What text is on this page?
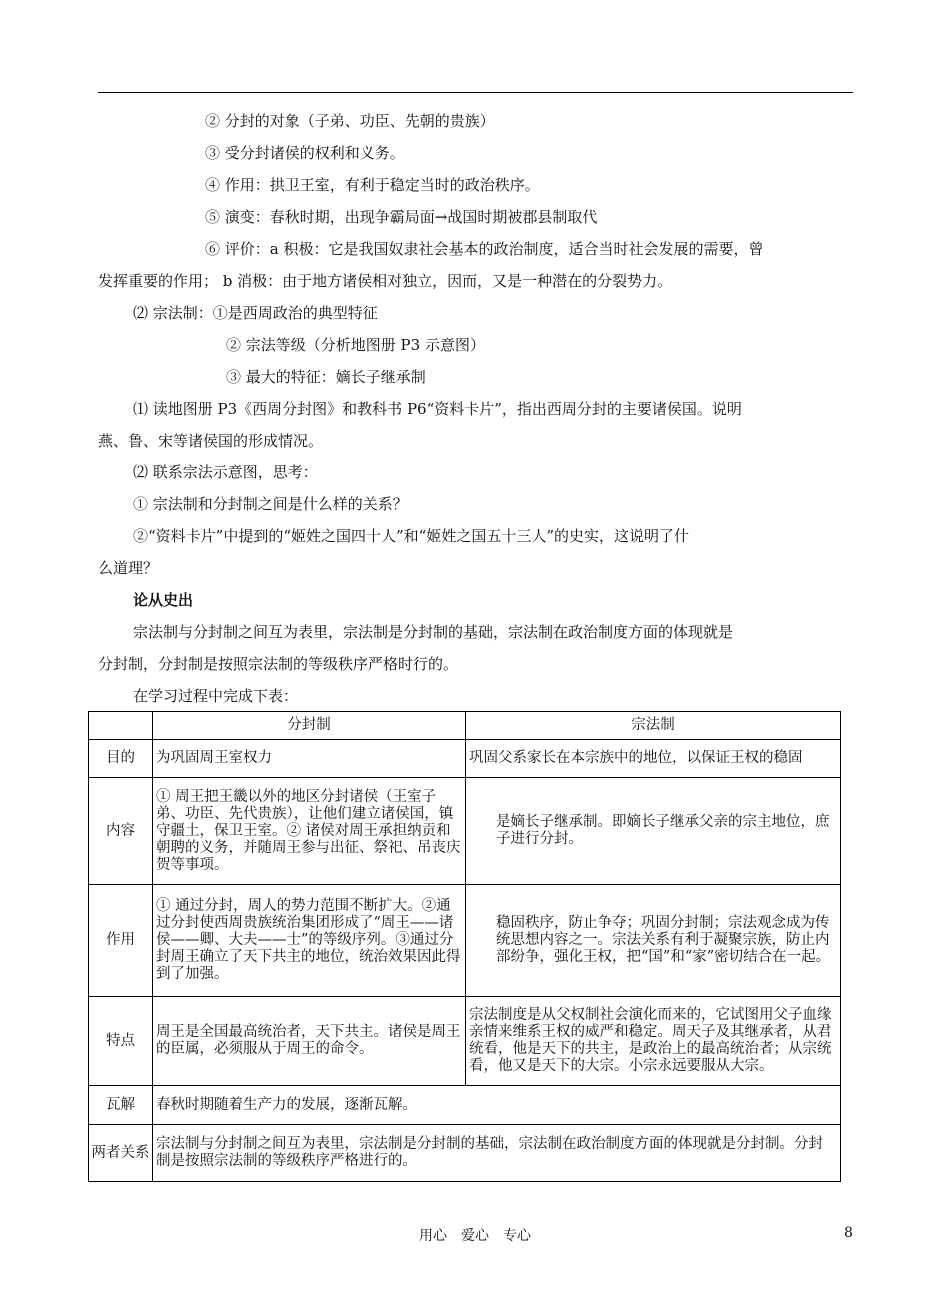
② 分封的对象（子弟、功臣、先朝的贵族）
③ 受分封诸侯的权利和义务。
④ 作用：拱卫王室，有利于稳定当时的政治秩序。
⑤ 演变：春秋时期，出现争霸局面→战国时期被郡县制取代
⑥ 评价：a 积极：它是我国奴隶社会基本的政治制度，适合当时社会发展的需要，曾
发挥重要的作用； b 消极：由于地方诸侯相对独立，因而，又是一种潜在的分裂势力。
⑵ 宗法制：①是西周政治的典型特征
② 宗法等级（分析地图册 P3 示意图）
③ 最大的特征：嫡长子继承制
⑴ 读地图册 P3《西周分封图》和教科书 P6“资料卡片”，指出西周分封的主要诸侯国。说明
燕、鲁、宋等诸侯国的形成情况。
⑵ 联系宗法示意图，思考：
① 宗法制和分封制之间是什么样的关系？
②“资料卡片”中提到的“姬姓之国四十人”和“姬姓之国五十三人”的史实，这说明了什
么道理？
论从史出
宗法制与分封制之间互为表里，宗法制是分封制的基础，宗法制在政治制度方面的体现就是
分封制，分封制是按照宗法制的等级秩序严格时行的。
在学习过程中完成下表：
	分封制	宗法制
目的	为巩固周王室权力	巩固父系家长在本宗族中的地位，以保证王权的稳固
内容	① 周王把王畿以外的地区分封诸侯（王室子弟、功臣、先代贵族），让他们建立诸侯国，镇守疆土，保卫王室。② 诸侯对周王承担纳贡和朝聘的义务，并随周王参与出征、祭祀、吊丧庆贺等事项。	是嫡长子继承制。即嫡长子继承父亲的宗主地位，庶子进行分封。
作用	① 通过分封，周人的势力范围不断扩大。②通过分封使西周贵族统治集团形成了“周王——诸侯——卿、大夫——士”的等级序列。③通过分封周王确立了天下共主的地位，统治效果因此得到了加强。	稳固秩序，防止争夺；巩固分封制；宗法观念成为传统思想内容之一。宗法关系有利于凝聚宗族，防止内部纷争，强化王权，把“国”和“家”密切结合在一起。
特点	周王是全国最高统治者，天下共主。诸侯是周王的臣属，必须服从于周王的命令。	宗法制度是从父权制社会演化而来的，它试图用父子血缘亲情来维系王权的威严和稳定。周天子及其继承者，从君统看，他是天下的共主，是政治上的最高统治者；从宗统看，他又是天下的大宗。小宗永远要服从大宗。
瓦解	春秋时期随着生产力的发展，逐渐瓦解。	
两者关系	宗法制与分封制之间互为表里，宗法制是分封制的基础，宗法制在政治制度方面的体现就是分封制。分封制是按照宗法制的等级秩序严格进行的。	
用心　爱心　专心	8
